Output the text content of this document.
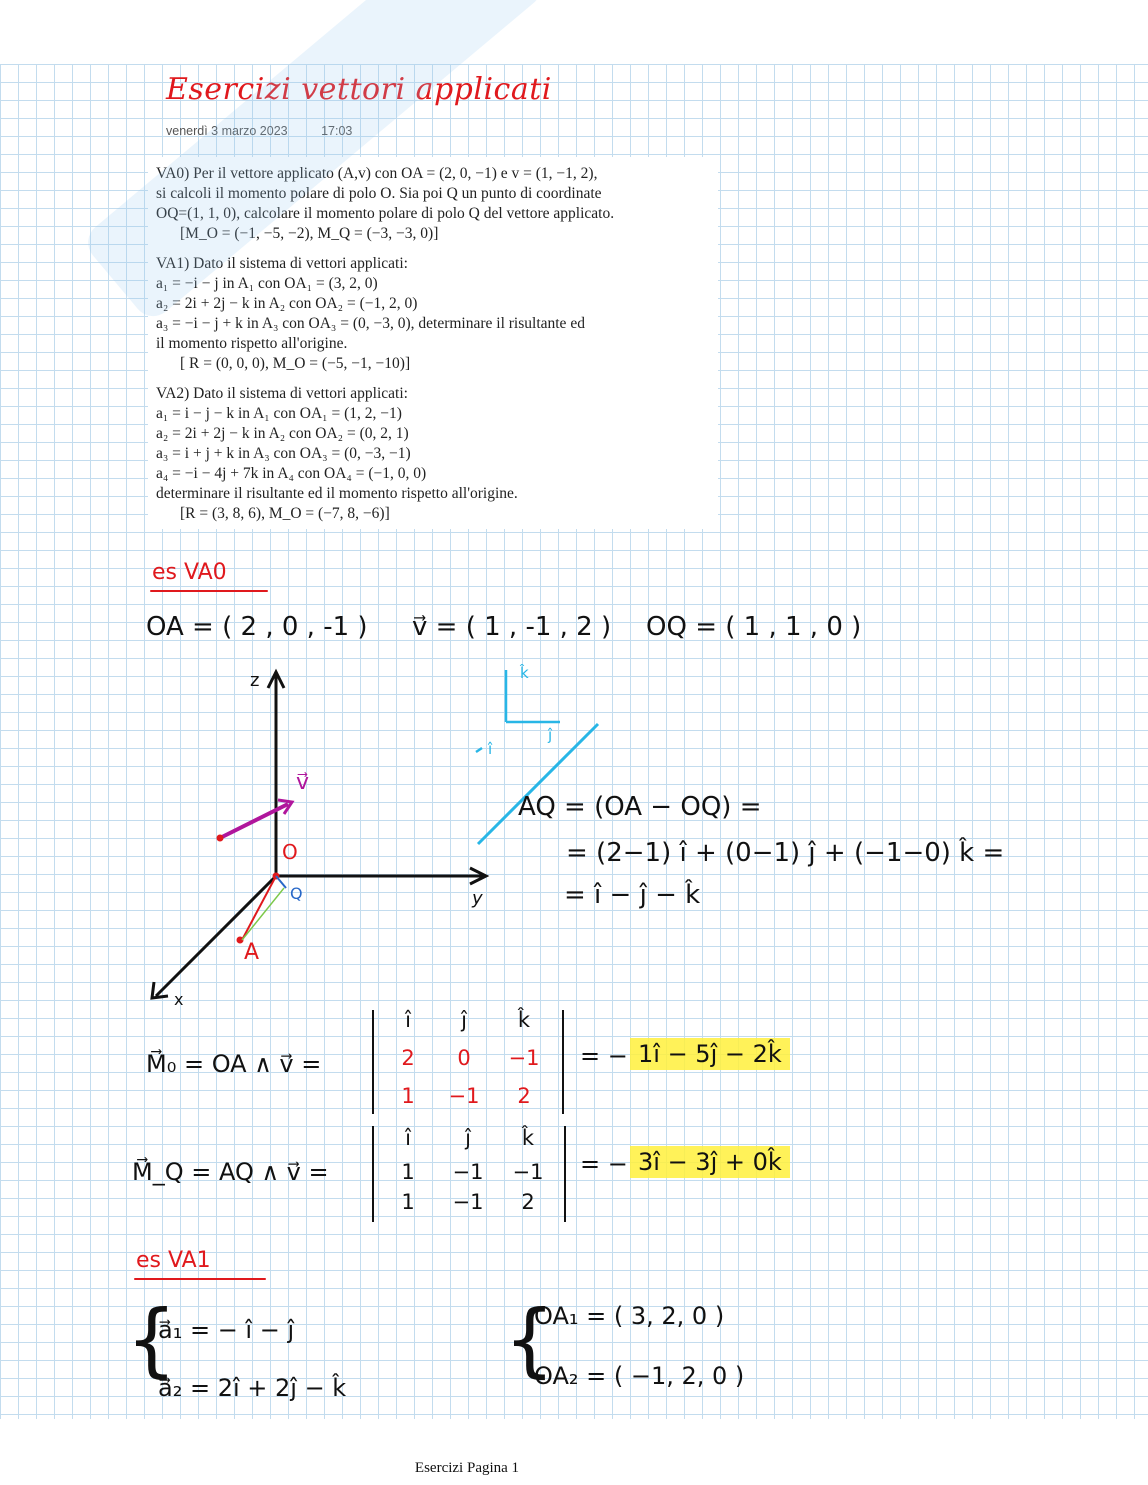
Esercizi vettori applicati
venerdì 3 marzo 2023	17:03

VA0) Per il vettore applicato (A,v) con OA = (2, 0, −1) e v = (1, −1, 2),

si calcoli il momento polare di polo O. Sia poi Q un punto di coordinate

OQ=(1, 1, 0), calcolare il momento polare di polo Q del vettore applicato.

[M_O = (−1, −5, −2), M_Q = (−3, −3, 0)]

VA1) Dato il sistema di vettori applicati:

a₁ = −i − j in A₁ con OA₁ = (3, 2, 0)

a₂ = 2i + 2j − k in A₂ con OA₂ = (−1, 2, 0)

a₃ = −i − j + k in A₃ con OA₃ = (0, −3, 0), determinare il risultante ed

il momento rispetto all'origine.

[ R = (0, 0, 0), M_O = (−5, −1, −10)]

VA2) Dato il sistema di vettori applicati:

a₁ = i − j − k in A₁ con OA₁ = (1, 2, −1)

a₂ = 2i + 2j − k in A₂ con OA₂ = (0, 2, 1)

a₃ = i + j + k in A₃ con OA₃ = (0, −3, −1)

a₄ = −i − 4j + 7k in A₄ con OA₄ = (−1, 0, 0)

determinare il risultante ed il momento rispetto all'origine.

[R = (3, 8, 6), M_O = (−7, 8, −6)]

es VA0
OA = ( 2 , 0 , -1 ) v⃗ = ( 1 , -1 , 2 ) OQ = ( 1 , 1 , 0 )
z
y
x
O
A
Q
v⃗
k̂
ĵ
î
AQ = (OA − OQ) =
= (2−1) î + (0−1) ĵ + (−1−0) k̂ =
= î − ĵ − k̂
M⃗₀ = OA ∧ v⃗ =
î	ĵ	k̂
2	0	−1
1	−1	2
= − 1î − 5ĵ − 2k̂
M⃗_Q = AQ ∧ v⃗ =
î	ĵ	k̂
1	−1	−1
1	−1	2
= − 3î − 3ĵ + 0k̂
es VA1
{
a⃗₁ = − î − ĵ
a⃗₂ = 2î + 2ĵ − k̂
{
OA₁ = ( 3, 2, 0 )
OA₂ = ( −1, 2, 0 )
Esercizi Pagina 1
